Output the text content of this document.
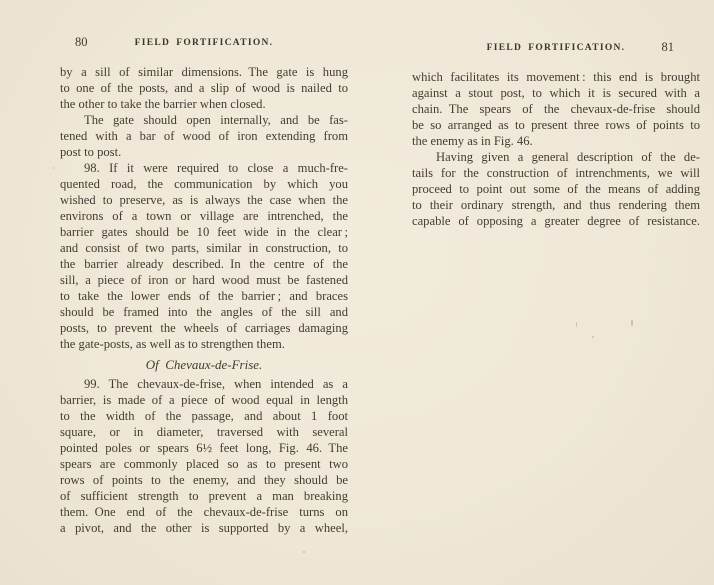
80	FIELD FORTIFICATION.
by a sill of similar dimensions. The gate is hung
to one of the posts, and a slip of wood is nailed to
the other to take the barrier when closed.
The gate should open internally, and be fas-
tened with a bar of wood of iron extending from
post to post.
98. If it were required to close a much-fre-
quented road, the communication by which you
wished to preserve, as is always the case when the
environs of a town or village are intrenched, the
barrier gates should be 10 feet wide in the clear ;
and consist of two parts, similar in construction, to
the barrier already described. In the centre of the
sill, a piece of iron or hard wood must be fastened
to take the lower ends of the barrier ; and braces
should be framed into the angles of the sill and
posts, to prevent the wheels of carriages damaging
the gate-posts, as well as to strengthen them.
Of Chevaux-de-Frise.
99. The chevaux-de-frise, when intended as a
barrier, is made of a piece of wood equal in length
to the width of the passage, and about 1 foot
square, or in diameter, traversed with several
pointed poles or spears 6½ feet long, Fig. 46. The
spears are commonly placed so as to present two
rows of points to the enemy, and they should be
of sufficient strength to prevent a man breaking
them. One end of the chevaux-de-frise turns on
a pivot, and the other is supported by a wheel,
FIELD FORTIFICATION.	81
which facilitates its movement : this end is brought
against a stout post, to which it is secured with a
chain. The spears of the chevaux-de-frise should
be so arranged as to present three rows of points to
the enemy as in Fig. 46.
Having given a general description of the de-
tails for the construction of intrenchments, we will
proceed to point out some of the means of adding
to their ordinary strength, and thus rendering them
capable of opposing a greater degree of resistance.
